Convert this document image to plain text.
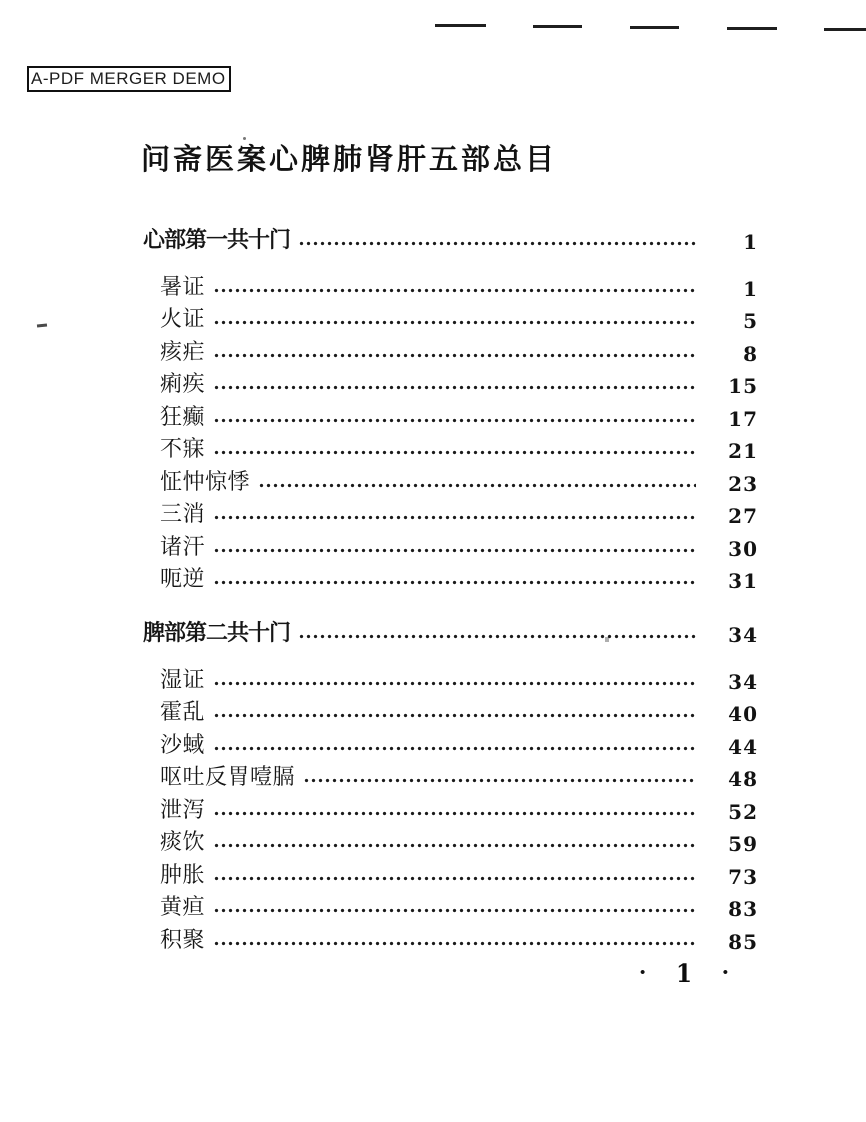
A-PDF MERGER DEMO
问斋医案心脾肺肾肝五部总目
心部第一共十门	1
暑证	1
火证	5
痎疟	8
痢疾	15
狂癫	17
不寐	21
怔忡惊悸	23
三消	27
诸汗	30
呃逆	31
脾部第二共十门	34
湿证	34
霍乱	40
沙蜮	44
呕吐反胃噎膈	48
泄泻	52
痰饮	59
肿胀	73
黄疸	83
积聚	85
• 1 •
